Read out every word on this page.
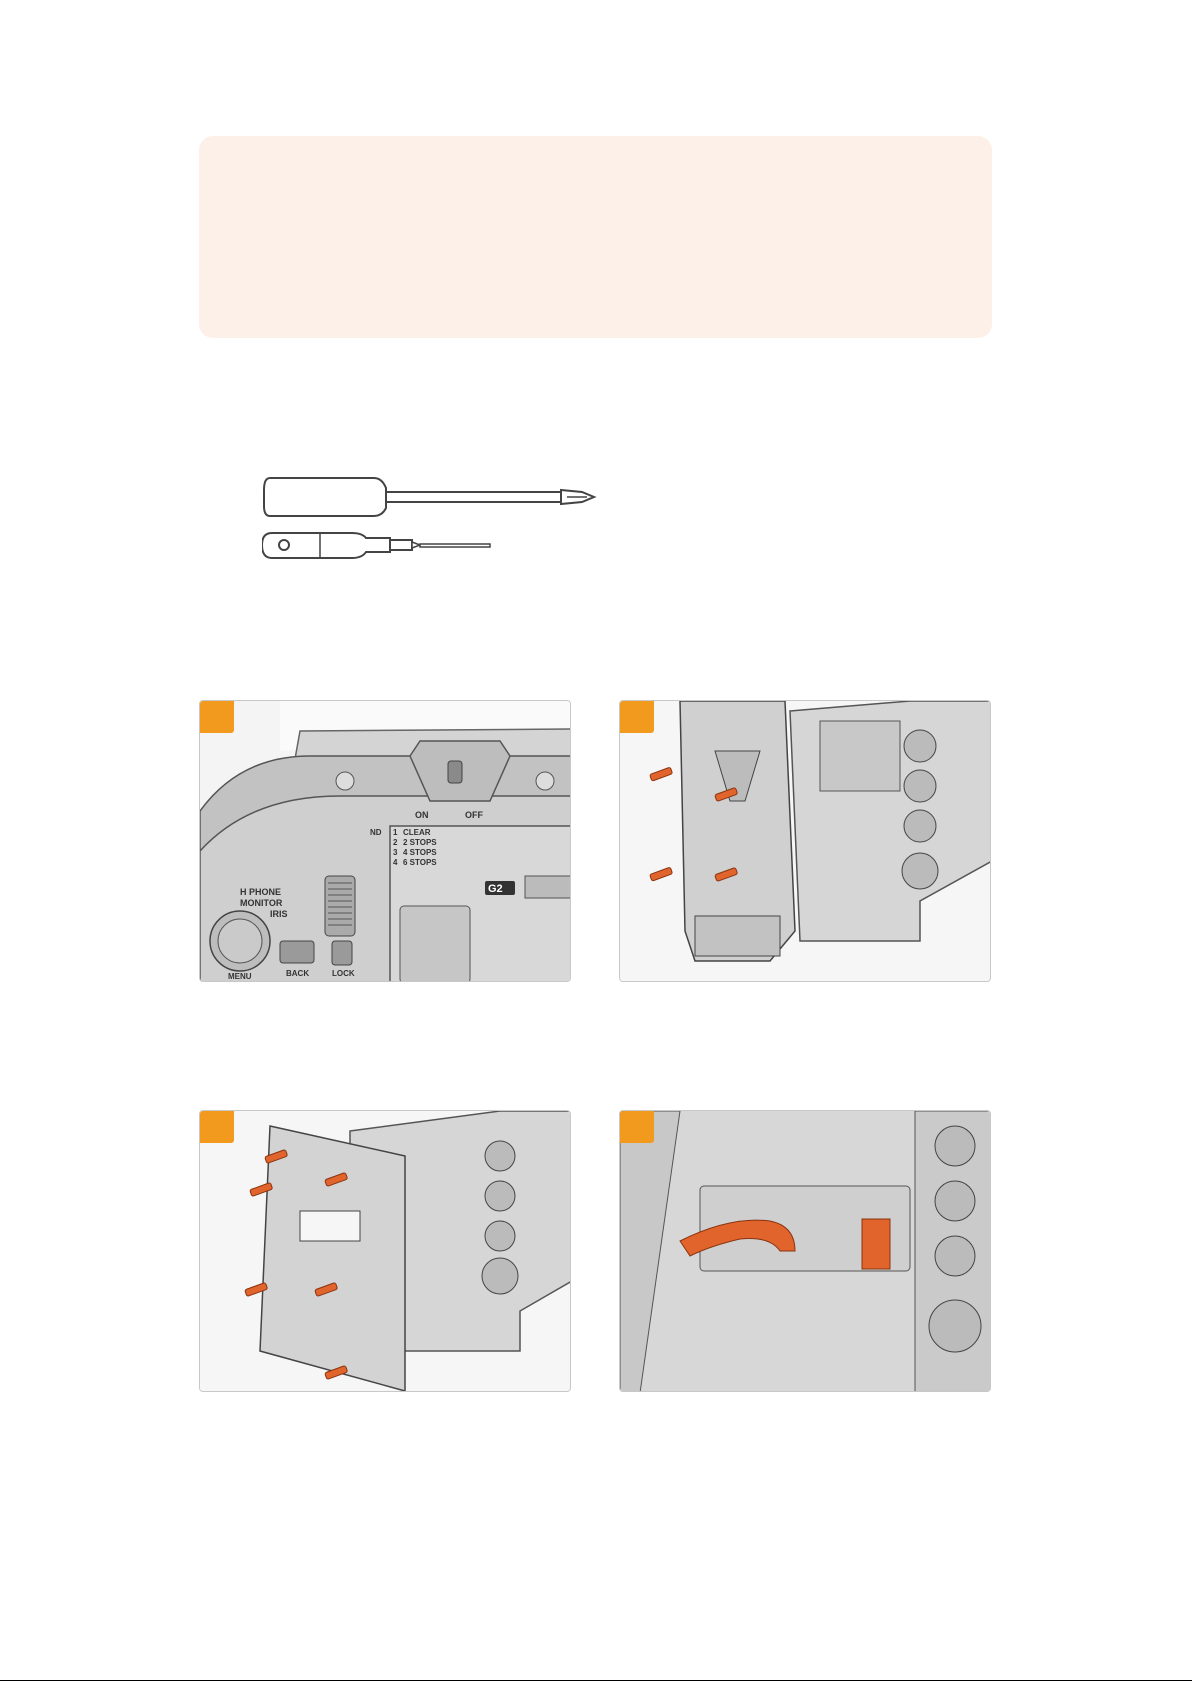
ON	OFF
ND 1 CLEAR
2 2 STOPS
3 4 STOPS
4 6 STOPS
G2
H PHONE
MONITOR
IRIS
MENU	BACK	LOCK
